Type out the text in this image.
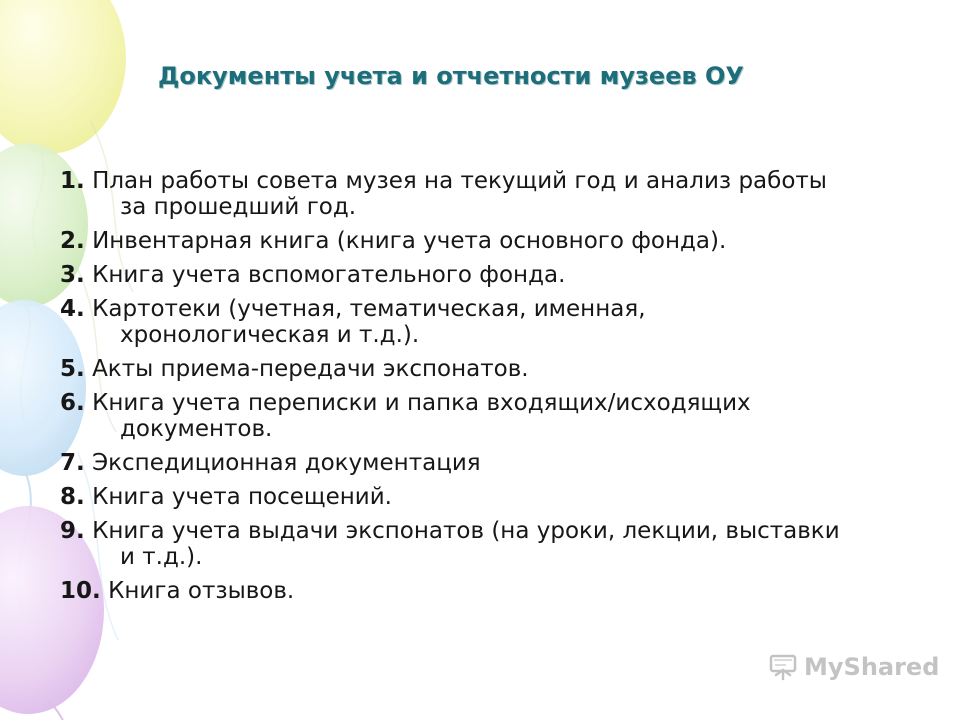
Документы учета и отчетности музеев ОУ
1. План работы совета музея на текущий год и анализ работы за прошедший год.
2. Инвентарная книга (книга учета основного фонда).
3. Книга учета вспомогательного фонда.
4. Картотеки (учетная, тематическая, именная, хронологическая и т.д.).
5. Акты приема-передачи экспонатов.
6. Книга учета переписки и папка входящих/исходящих документов.
7. Экспедиционная документация
8. Книга учета посещений.
9. Книга учета выдачи экспонатов (на уроки, лекции, выставки и т.д.).
10. Книга отзывов.
MyShared
